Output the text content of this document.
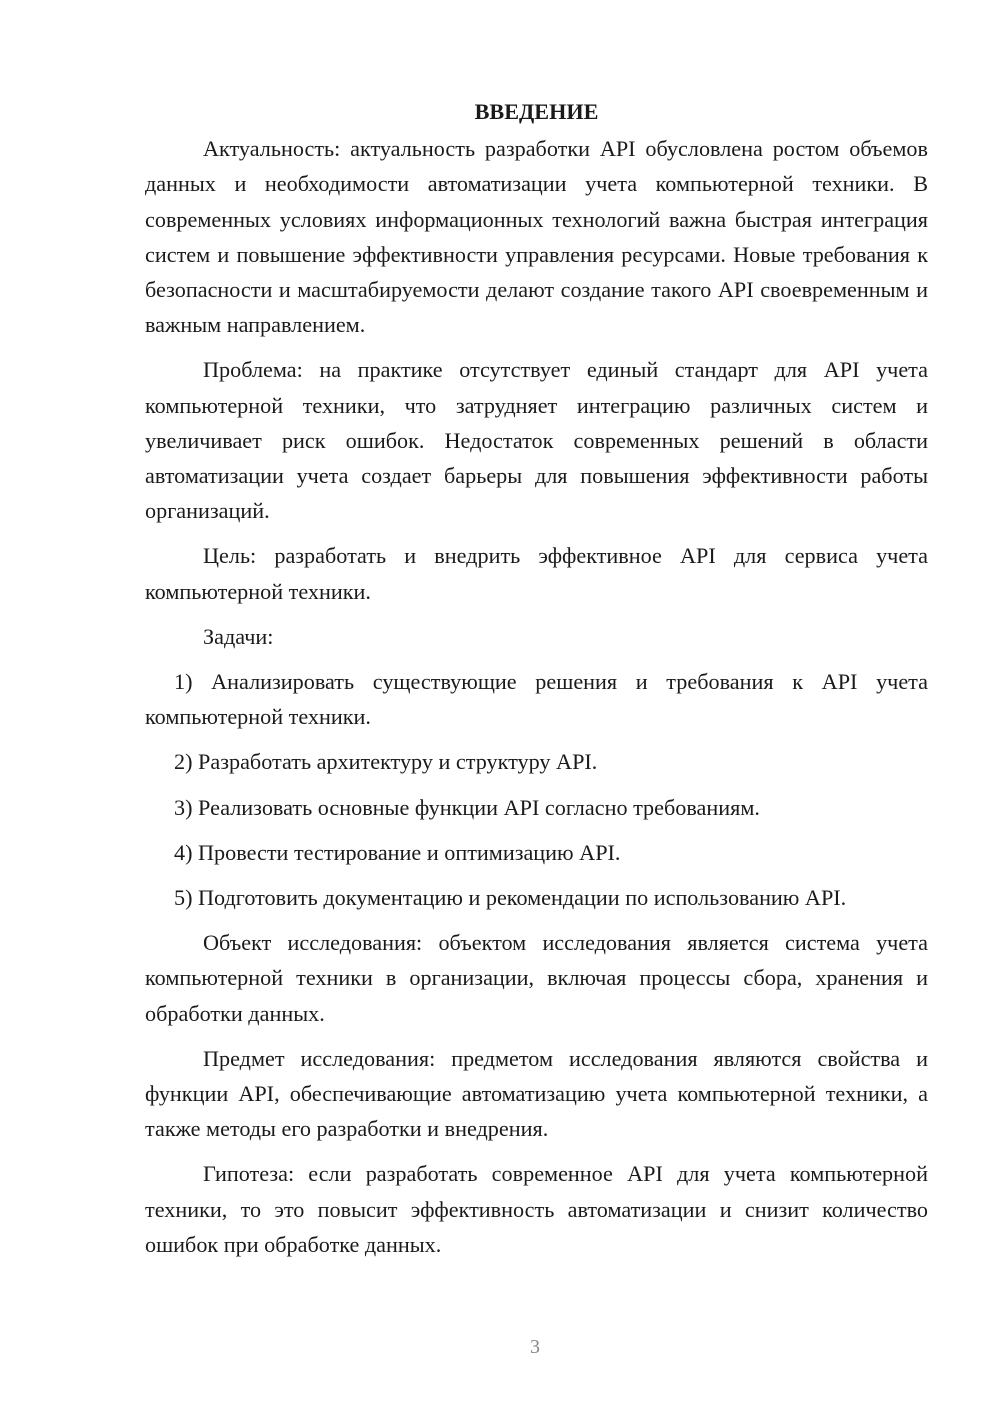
ВВЕДЕНИЕ

Актуальность: актуальность разработки API обусловлена ростом объемов данных и необходимости автоматизации учета компьютерной техники. В современных условиях информационных технологий важна быстрая интеграция систем и повышение эффективности управления ресурсами. Новые требования к безопасности и масштабируемости делают создание такого API своевременным и важным направлением.

Проблема: на практике отсутствует единый стандарт для API учета компьютерной техники, что затрудняет интеграцию различных систем и увеличивает риск ошибок. Недостаток современных решений в области автоматизации учета создает барьеры для повышения эффективности работы организаций.

Цель: разработать и внедрить эффективное API для сервиса учета компьютерной техники.

Задачи:

1) Анализировать существующие решения и требования к API учета компьютерной техники.

2) Разработать архитектуру и структуру API.

3) Реализовать основные функции API согласно требованиям.

4) Провести тестирование и оптимизацию API.

5) Подготовить документацию и рекомендации по использованию API.

Объект исследования: объектом исследования является система учета компьютерной техники в организации, включая процессы сбора, хранения и обработки данных.

Предмет исследования: предметом исследования являются свойства и функции API, обеспечивающие автоматизацию учета компьютерной техники, а также методы его разработки и внедрения.

Гипотеза: если разработать современное API для учета компьютерной техники, то это повысит эффективность автоматизации и снизит количество ошибок при обработке данных.

3
